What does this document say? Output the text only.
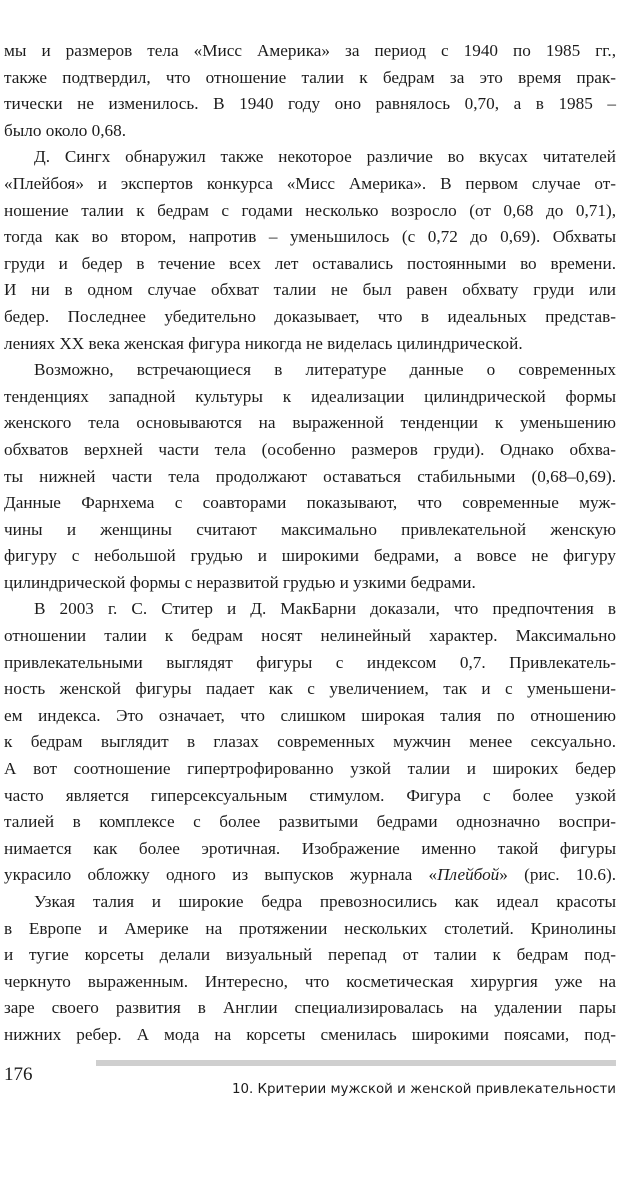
мы и размеров тела «Мисс Америка» за период с 1940 по 1985 гг.,
также подтвердил, что отношение талии к бедрам за это время прак-
тически не изменилось. В 1940 году оно равнялось 0,70, а в 1985 –
было около 0,68.
Д. Сингх обнаружил также некоторое различие во вкусах читателей
«Плейбоя» и экспертов конкурса «Мисс Америка». В первом случае от-
ношение талии к бедрам с годами несколько возросло (от 0,68 до 0,71),
тогда как во втором, напротив – уменьшилось (с 0,72 до 0,69). Обхваты
груди и бедер в течение всех лет оставались постоянными во времени.
И ни в одном случае обхват талии не был равен обхвату груди или
бедер. Последнее убедительно доказывает, что в идеальных представ-
лениях XX века женская фигура никогда не виделась цилиндрической.
Возможно, встречающиеся в литературе данные о современных
тенденциях западной культуры к идеализации цилиндрической формы
женского тела основываются на выраженной тенденции к уменьшению
обхватов верхней части тела (особенно размеров груди). Однако обхва-
ты нижней части тела продолжают оставаться стабильными (0,68–0,69).
Данные Фарнхема с соавторами показывают, что современные муж-
чины и женщины считают максимально привлекательной женскую
фигуру с небольшой грудью и широкими бедрами, а вовсе не фигуру
цилиндрической формы с неразвитой грудью и узкими бедрами.
В 2003 г. С. Ститер и Д. МакБарни доказали, что предпочтения в
отношении талии к бедрам носят нелинейный характер. Максимально
привлекательными выглядят фигуры с индексом 0,7. Привлекатель-
ность женской фигуры падает как с увеличением, так и с уменьшени-
ем индекса. Это означает, что слишком широкая талия по отношению
к бедрам выглядит в глазах современных мужчин менее сексуально.
А вот соотношение гипертрофированно узкой талии и широких бедер
часто является гиперсексуальным стимулом. Фигура с более узкой
талией в комплексе с более развитыми бедрами однозначно воспри-
нимается как более эротичная. Изображение именно такой фигуры
украсило обложку одного из выпусков журнала «Плейбой» (рис. 10.6).
Узкая талия и широкие бедра превозносились как идеал красоты
в Европе и Америке на протяжении нескольких столетий. Кринолины
и тугие корсеты делали визуальный перепад от талии к бедрам под-
черкнуто выраженным. Интересно, что косметическая хирургия уже на
заре своего развития в Англии специализировалась на удалении пары
нижних ребер. А мода на корсеты сменилась широкими поясами, под-
176
10. Критерии мужской и женской привлекательности
